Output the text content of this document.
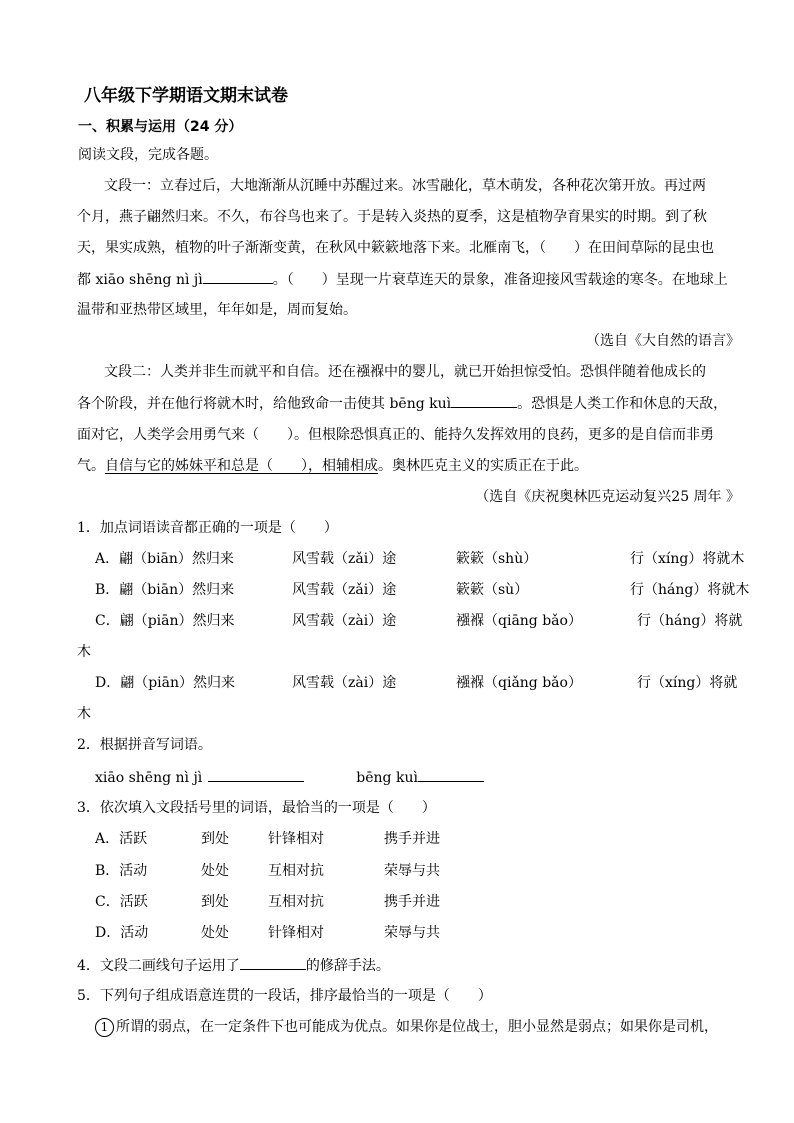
八年级下学期语文期末试卷
一、积累与运用（24 分）
阅读文段，完成各题。
文段一：立春过后，大地渐渐从沉睡中苏醒过来。冰雪融化，草木萌发，各种花次第开放。再过两
个月，燕子翩然归来。不久，布谷鸟也来了。于是转入炎热的夏季，这是植物孕育果实的时期。到了秋
天，果实成熟，植物的叶子渐渐变黄，在秋风中簌簌地落下来。北雁南飞，（　　）在田间草际的昆虫也
都 xiāo shēng nì jì	。（　　）呈现一片衰草连天的景象，准备迎接风雪载途的寒冬。在地球上
温带和亚热带区域里，年年如是，周而复始。
（选自《大自然的语言》
文段二：人类并非生而就平和自信。还在襁褓中的婴儿，就已开始担惊受怕。恐惧伴随着他成长的
各个阶段，并在他行将就木时，给他致命一击使其 bēng kuì	。恐惧是人类工作和休息的天敌，
面对它，人类学会用勇气来（　　）。但根除恐惧真正的、能持久发挥效用的良药，更多的是自信而非勇
气。自信与它的姊妹平和总是（　　），相辅相成。奥林匹克主义的实质正在于此。
（选自《庆祝奥林匹克运动复兴25 周年 》
1．加点词语读音都正确的一项是（　　）
A．翩（biān）然归来	风雪载（zǎi）途	簌簌（shù）	行（xíng）将就木
B．翩（biān）然归来	风雪载（zǎi）途	簌簌（sù）	行（háng）将就木
C．翩（piān）然归来	风雪载（zài）途	襁褓（qiāng bǎo）	行（háng）将就
木
D．翩（piān）然归来	风雪载（zài）途	襁褓（qiǎng bǎo）	行（xíng）将就
木
2．根据拼音写词语。
xiāo shēng nì jì	bēng kuì
3．依次填入文段括号里的词语，最恰当的一项是（　　）
A．活跃	到处	针锋相对	携手并进
B．活动	处处	互相对抗	荣辱与共
C．活跃	到处	互相对抗	携手并进
D．活动	处处	针锋相对	荣辱与共
4．文段二画线句子运用了	的修辞手法。
5．下列句子组成语意连贯的一段话，排序最恰当的一项是（　　）
1 所谓的弱点，在一定条件下也可能成为优点。如果你是位战士，胆小显然是弱点；如果你是司机，
